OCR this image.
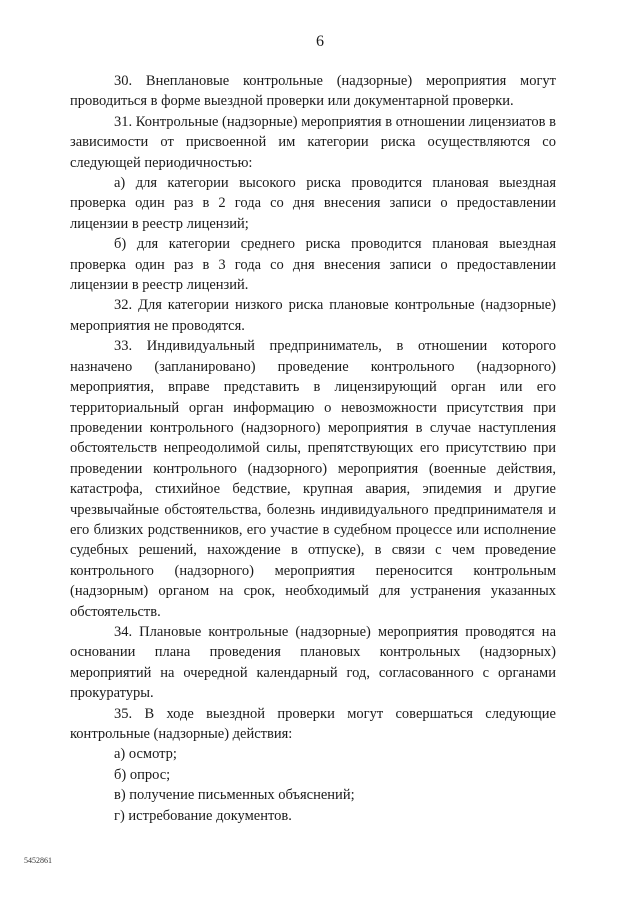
6

30. Внеплановые контрольные (надзорные) мероприятия могут проводиться в форме выездной проверки или документарной проверки.

31. Контрольные (надзорные) мероприятия в отношении лицензиатов в зависимости от присвоенной им категории риска осуществляются со следующей периодичностью:

а) для категории высокого риска проводится плановая выездная проверка один раз в 2 года со дня внесения записи о предоставлении лицензии в реестр лицензий;

б) для категории среднего риска проводится плановая выездная проверка один раз в 3 года со дня внесения записи о предоставлении лицензии в реестр лицензий.

32. Для категории низкого риска плановые контрольные (надзорные) мероприятия не проводятся.

33. Индивидуальный предприниматель, в отношении которого назначено (запланировано) проведение контрольного (надзорного) мероприятия, вправе представить в лицензирующий орган или его территориальный орган информацию о невозможности присутствия при проведении контрольного (надзорного) мероприятия в случае наступления обстоятельств непреодолимой силы, препятствующих его присутствию при проведении контрольного (надзорного) мероприятия (военные действия, катастрофа, стихийное бедствие, крупная авария, эпидемия и другие чрезвычайные обстоятельства, болезнь индивидуального предпринимателя и его близких родственников, его участие в судебном процессе или исполнение судебных решений, нахождение в отпуске), в связи с чем проведение контрольного (надзорного) мероприятия переносится контрольным (надзорным) органом на срок, необходимый для устранения указанных обстоятельств.

34. Плановые контрольные (надзорные) мероприятия проводятся на основании плана проведения плановых контрольных (надзорных) мероприятий на очередной календарный год, согласованного с органами прокуратуры.

35. В ходе выездной проверки могут совершаться следующие контрольные (надзорные) действия:

а) осмотр;

б) опрос;

в) получение письменных объяснений;

г) истребование документов.

5452861
